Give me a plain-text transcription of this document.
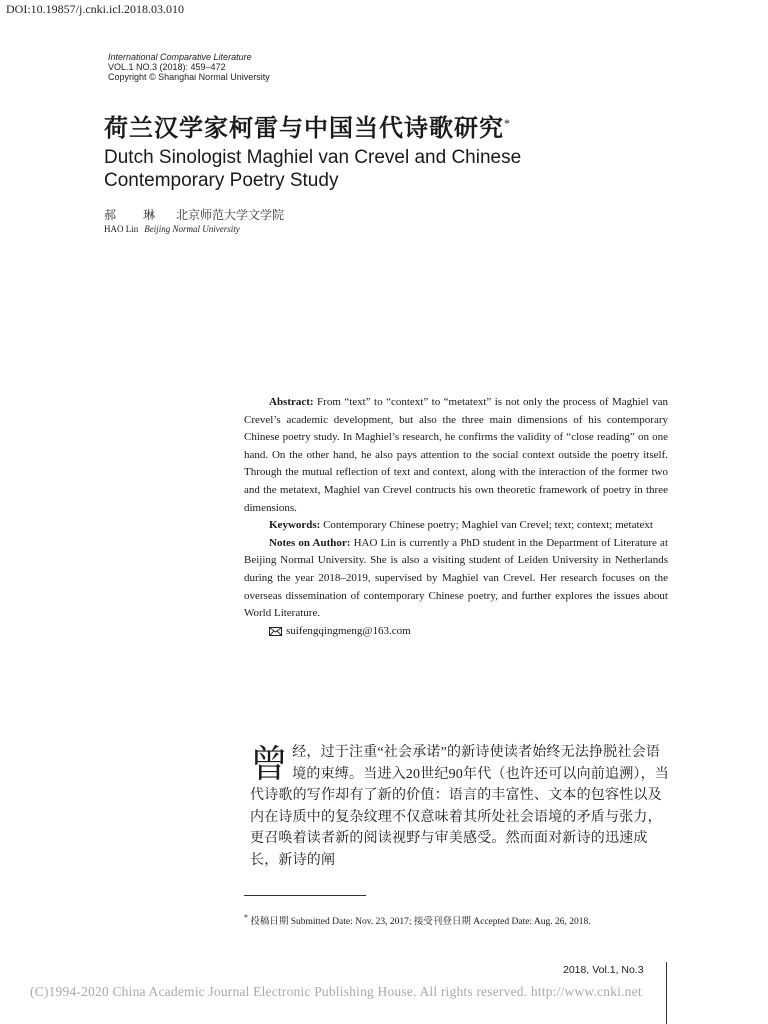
DOI:10.19857/j.cnki.icl.2018.03.010
International Comparative Literature
VOL.1 NO.3 (2018): 459–472
Copyright © Shanghai Normal University
荷兰汉学家柯雷与中国当代诗歌研究*
Dutch Sinologist Maghiel van Crevel and Chinese
Contemporary Poetry Study
郝 琳 北京师范大学文学院
HAO Lin Beijing Normal University

Abstract: From “text” to “context” to “metatext” is not only the process of Maghiel van Crevel’s academic development, but also the three main dimensions of his contemporary Chinese poetry study. In Maghiel’s research, he confirms the validity of “close reading” on one hand. On the other hand, he also pays attention to the social context outside the poetry itself. Through the mutual reflection of text and context, along with the interaction of the former two and the metatext, Maghiel van Crevel contructs his own theoretic framework of poetry in three dimensions.

Keywords: Contemporary Chinese poetry; Maghiel van Crevel; text; context; metatext

Notes on Author: HAO Lin is currently a PhD student in the Department of Literature at Beijing Normal University. She is also a visiting student of Leiden University in Netherlands during the year 2018–2019, supervised by Maghiel van Crevel. Her research focuses on the overseas dissemination of contemporary Chinese poetry, and further explores the issues about World Literature.

suifengqingmeng@163.com
曾 经，过于注重“社会承诺”的新诗使读者始终无法挣脱社会语境的束缚。当进入20世纪90年代（也许还可以向前追溯），当代诗歌的写作却有了新的价值：语言的丰富性、文本的包容性以及内在诗质中的复杂纹理不仅意味着其所处社会语境的矛盾与张力，更召唤着读者新的阅读视野与审美感受。然而面对新诗的迅速成长，新诗的阐

* 投稿日期 Submitted Date: Nov. 23, 2017; 接受刊登日期 Accepted Date: Aug. 26, 2018.
2018, Vol.1, No.3
(C)1994-2020 China Academic Journal Electronic Publishing House. All rights reserved. http://www.cnki.net
